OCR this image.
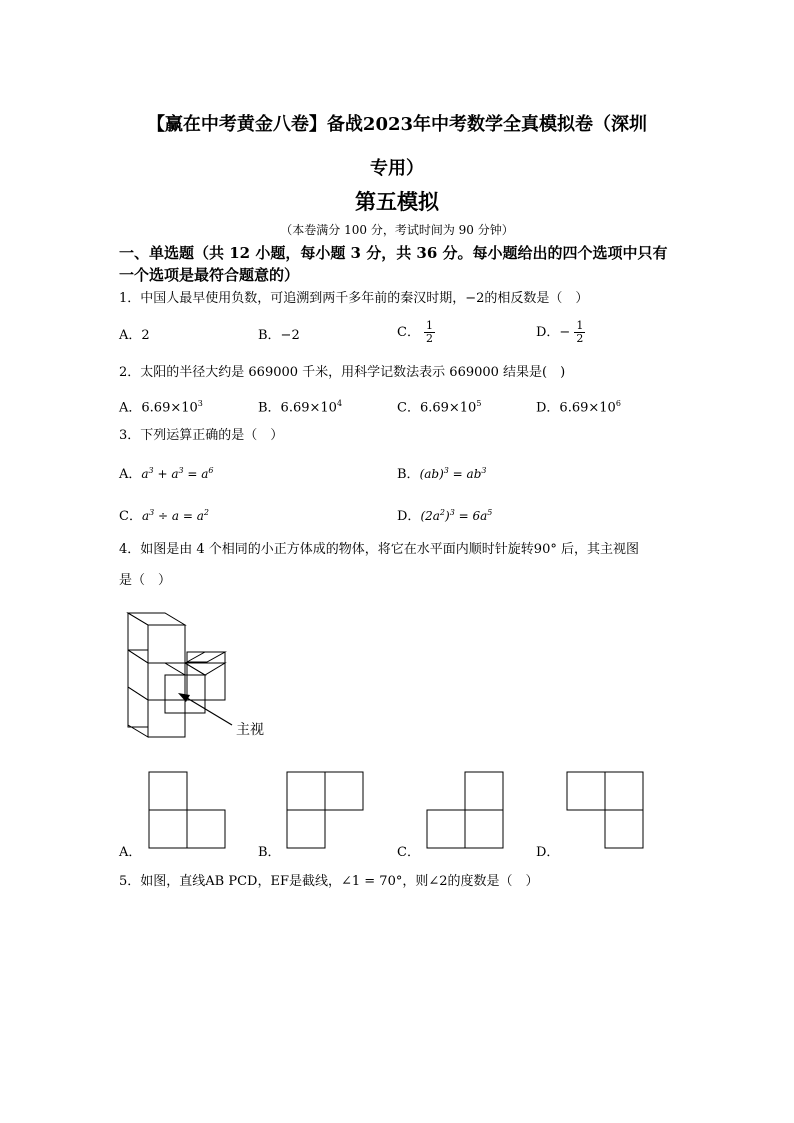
【赢在中考黄金八卷】备战2023年中考数学全真模拟卷（深圳
专用）
第五模拟
（本卷满分 100 分，考试时间为 90 分钟）
一、单选题（共 12 小题，每小题 3 分，共 36 分。每小题给出的四个选项中只有一个选项是最符合题意的）
1．中国人最早使用负数，可追溯到两千多年前的秦汉时期，−2的相反数是（　）
A．2	B．−2	C． $\frac{1}{2}$	D．− $\frac{1}{2}$
2．太阳的半径大约是 669000 千米，用科学记数法表示 669000 结果是(　)
A．$6.69\times 10^3$	B．$6.69\times 10^4$	C．$6.69\times 10^5$	D．$6.69\times 10^6$
3．下列运算正确的是（　）
A．$a^3 + a^3 = a^6$	B．$(ab)^3 = ab^3$
C．$a^3 \div a = a^2$	D．$(2a^2)^3 = 6a^5$
4．如图是由 4 个相同的小正方体成的物体，将它在水平面内顺时针旋转90° 后，其主视图
是（　）
主视
A．	B．	C．	D．
5．如图，直线AB PCD，EF是截线，∠1 = 70°，则∠2的度数是（　）
